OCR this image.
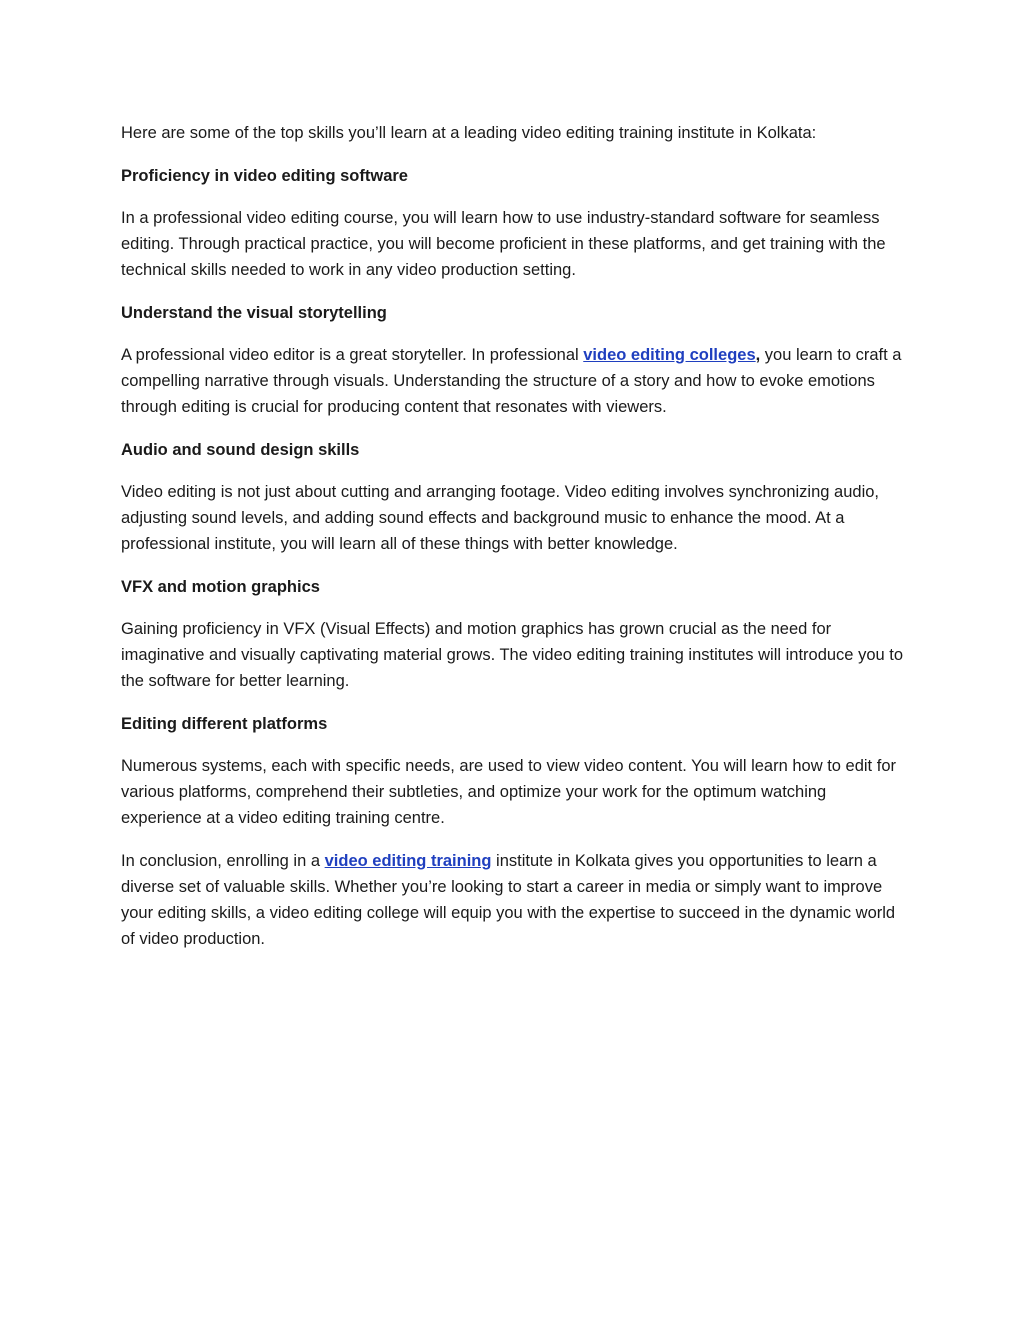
Here are some of the top skills you’ll learn at a leading video editing training institute in Kolkata:

Proficiency in video editing software

In a professional video editing course, you will learn how to use industry-standard software for seamless editing. Through practical practice, you will become proficient in these platforms, and get training with the technical skills needed to work in any video production setting.

Understand the visual storytelling

A professional video editor is a great storyteller. In professional video editing colleges, you learn to craft a compelling narrative through visuals. Understanding the structure of a story and how to evoke emotions through editing is crucial for producing content that resonates with viewers.

Audio and sound design skills

Video editing is not just about cutting and arranging footage. Video editing involves synchronizing audio, adjusting sound levels, and adding sound effects and background music to enhance the mood. At a professional institute, you will learn all of these things with better knowledge.

VFX and motion graphics

Gaining proficiency in VFX (Visual Effects) and motion graphics has grown crucial as the need for imaginative and visually captivating material grows. The video editing training institutes will introduce you to the software for better learning.

Editing different platforms

Numerous systems, each with specific needs, are used to view video content. You will learn how to edit for various platforms, comprehend their subtleties, and optimize your work for the optimum watching experience at a video editing training centre.

In conclusion, enrolling in a video editing training institute in Kolkata gives you opportunities to learn a diverse set of valuable skills. Whether you’re looking to start a career in media or simply want to improve your editing skills, a video editing college will equip you with the expertise to succeed in the dynamic world of video production.
